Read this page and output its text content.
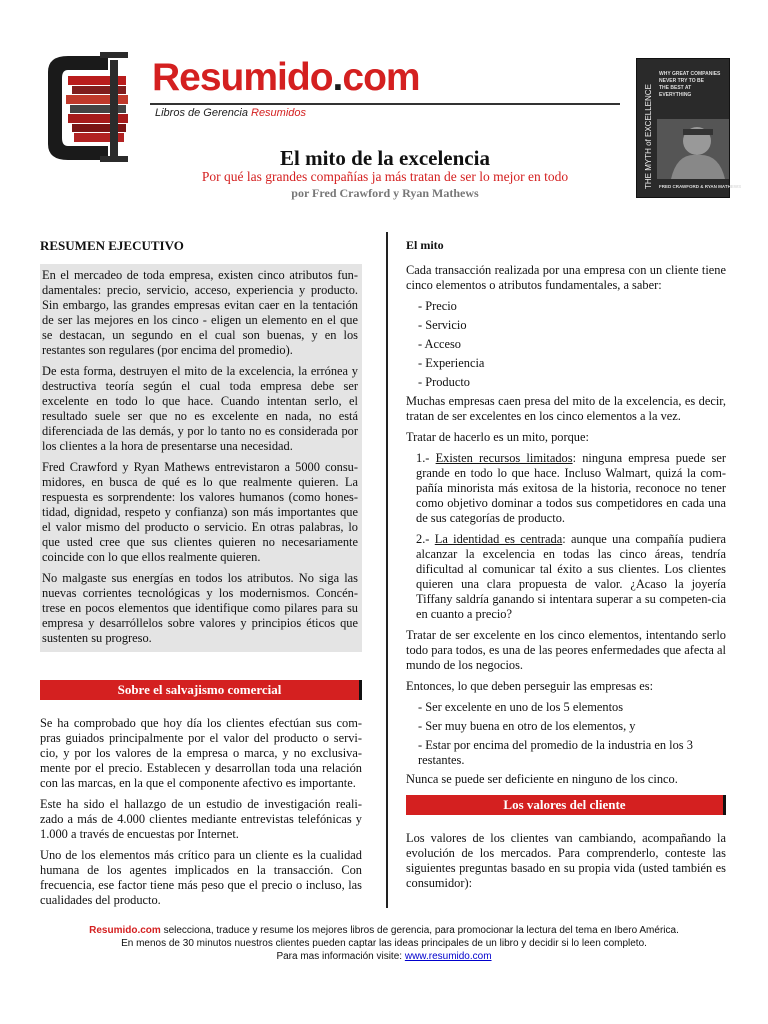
Resumido.com
Libros de Gerencia Resumidos
El mito de la excelencia
Por qué las grandes compañías ja más tratan de ser lo mejor en todo
por Fred Crawford y Ryan Mathews
THE MYTH of EXCELLENCE
WHY GREAT COMPANIES
NEVER TRY TO BE
THE BEST AT
EVERYTHING
FRED CRAWFORD & RYAN MATHEWS
RESUMEN EJECUTIVO

En el mercadeo de toda empresa, existen cinco atributos fun-damentales: precio, servicio, acceso, experiencia y producto. Sin embargo, las grandes empresas evitan caer en la tentación de ser las mejores en los cinco - eligen un elemento en el que se destacan, un segundo en el cual son buenas, y en los restantes son regulares (por encima del promedio).

De esta forma, destruyen el mito de la excelencia, la errónea y destructiva teoría según el cual toda empresa debe ser excelente en todo lo que hace. Cuando intentan serlo, el resultado suele ser que no es excelente en nada, no está diferenciada de las demás, y por lo tanto no es considerada por los clientes a la hora de presentarse una necesidad.

Fred Crawford y Ryan Mathews entrevistaron a 5000 consu-midores, en busca de qué es lo que realmente quieren. La respuesta es sorprendente: los valores humanos (como hones-tidad, dignidad, respeto y confianza) son más importantes que el valor mismo del producto o servicio. En otras palabras, lo que usted cree que sus clientes quieren no necesariamente coincide con lo que ellos realmente quieren.

No malgaste sus energías en todos los atributos. No siga las nuevas corrientes tecnológicas y los modernismos. Concén-trese en pocos elementos que identifique como pilares para su empresa y desarróllelos sobre valores y principios éticos que sustenten su progreso.

Sobre el salvajismo comercial

Se ha comprobado que hoy día los clientes efectúan sus com-pras guiados principalmente por el valor del producto o servi-cio, y por los valores de la empresa o marca, y no exclusiva-mente por el precio. Establecen y desarrollan toda una relación con las marcas, en la que el componente afectivo es importante.

Este ha sido el hallazgo de un estudio de investigación reali-zado a más de 4.000 clientes mediante entrevistas telefónicas y 1.000 a través de encuestas por Internet.

Uno de los elementos más crítico para un cliente es la cualidad humana de los agentes implicados en la transacción. Con frecuencia, ese factor tiene más peso que el precio o incluso, las cualidades del producto.

El mito

Cada transacción realizada por una empresa con un cliente tiene cinco elementos o atributos fundamentales, a saber:

- Precio
- Servicio
- Acceso
- Experiencia
- Producto

Muchas empresas caen presa del mito de la excelencia, es decir, tratan de ser excelentes en los cinco elementos a la vez.

Tratar de hacerlo es un mito, porque:

1.- Existen recursos limitados: ninguna empresa puede ser grande en todo lo que hace. Incluso Walmart, quizá la com-pañía minorista más exitosa de la historia, reconoce no tener como objetivo dominar a todos sus competidores en cada una de sus categorías de producto.

2.- La identidad es centrada: aunque una compañía pudiera alcanzar la excelencia en todas las cinco áreas, tendría dificultad al comunicar tal éxito a sus clientes. Los clientes quieren una clara propuesta de valor. ¿Acaso la joyería Tiffany saldría ganando si intentara superar a su competen-cia en cuanto a precio?

Tratar de ser excelente en los cinco elementos, intentando serlo todo para todos, es una de las peores enfermedades que afecta al mundo de los negocios.

Entonces, lo que deben perseguir las empresas es:

- Ser excelente en uno de los 5 elementos
- Ser muy buena en otro de los elementos, y
- Estar por encima del promedio de la industria en los 3 restantes.

Nunca se puede ser deficiente en ninguno de los cinco.

Los valores del cliente

Los valores de los clientes van cambiando, acompañando la evolución de los mercados. Para comprenderlo, conteste las siguientes preguntas basado en su propia vida (usted también es consumidor):

Resumido.com selecciona, traduce y resume los mejores libros de gerencia, para promocionar la lectura del tema en Ibero América.
En menos de 30 minutos nuestros clientes pueden captar las ideas principales de un libro y decidir si lo leen completo.
Para mas información visite: www.resumido.com
